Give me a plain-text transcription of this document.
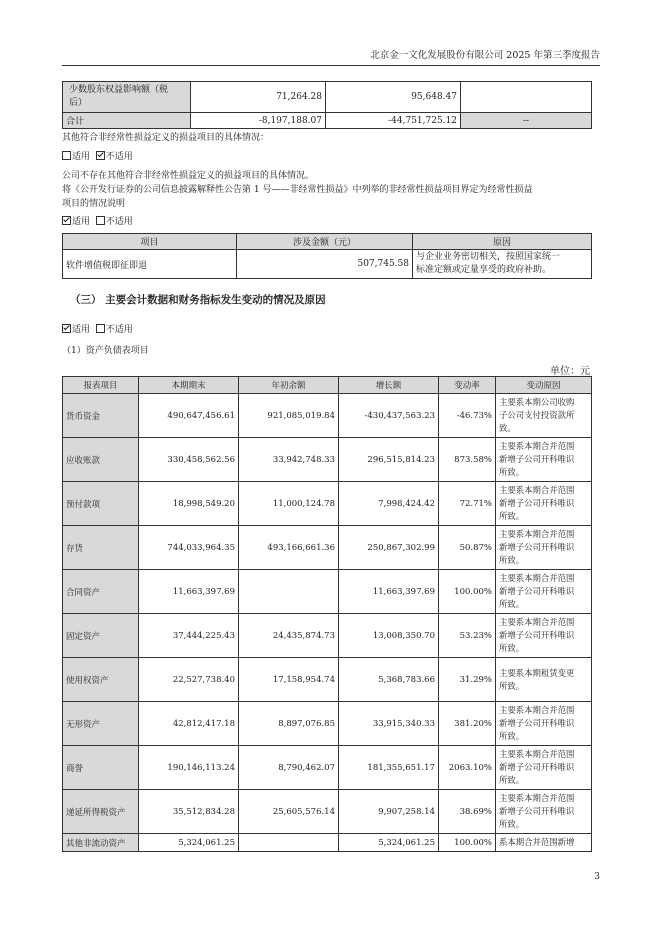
北京金一文化发展股份有限公司 2025 年第三季度报告
少数股东权益影响额（税后）	71,264.28	95,648.47	
合计	-8,197,188.07	-44,751,725.12	--
其他符合非经常性损益定义的损益项目的具体情况：
适用 不适用
公司不存在其他符合非经常性损益定义的损益项目的具体情况。
将《公开发行证券的公司信息披露解释性公告第 1 号——非经常性损益》中列举的非经常性损益项目界定为经常性损益
项目的情况说明
适用 不适用
项目	涉及金额（元）	原因
软件增值税即征即退	507,745.58	与企业业务密切相关，按照国家统一
标准定额或定量享受的政府补助。
（三） 主要会计数据和财务指标发生变动的情况及原因
适用 不适用
（1）资产负债表项目
单位：元
报表项目	本期期末	年初余额	增长额	变动率	变动原因
货币资金	490,647,456.61	921,085,019.84	-430,437,563.23	-46.73%	主要系本期公司收购
子公司支付投资款所
致。

应收账款	330,458,562.56	33,942,748.33	296,515,814.23	873.58%	主要系本期合并范围
新增子公司开科唯识
所致。

预付款项	18,998,549.20	11,000,124.78	7,998,424.42	72.71%	主要系本期合并范围
新增子公司开科唯识
所致。

存货	744,033,964.35	493,166,661.36	250,867,302.99	50.87%	主要系本期合并范围
新增子公司开科唯识
所致。

合同资产	11,663,397.69		11,663,397.69	100.00%	主要系本期合并范围
新增子公司开科唯识
所致。

固定资产	37,444,225.43	24,435,874.73	13,008,350.70	53.23%	主要系本期合并范围
新增子公司开科唯识
所致。

使用权资产	22,527,738.40	17,158,954.74	5,368,783.66	31.29%	主要系本期租赁变更
所致。

无形资产	42,812,417.18	8,897,076.85	33,915,340.33	381.20%	主要系本期合并范围
新增子公司开科唯识
所致。

商誉	190,146,113.24	8,790,462.07	181,355,651.17	2063.10%	主要系本期合并范围
新增子公司开科唯识
所致。

递延所得税资产	35,512,834.28	25,605,576.14	9,907,258.14	38.69%	主要系本期合并范围
新增子公司开科唯识
所致。

其他非流动资产	5,324,061.25		5,324,061.25	100.00%	系本期合并范围新增
3
